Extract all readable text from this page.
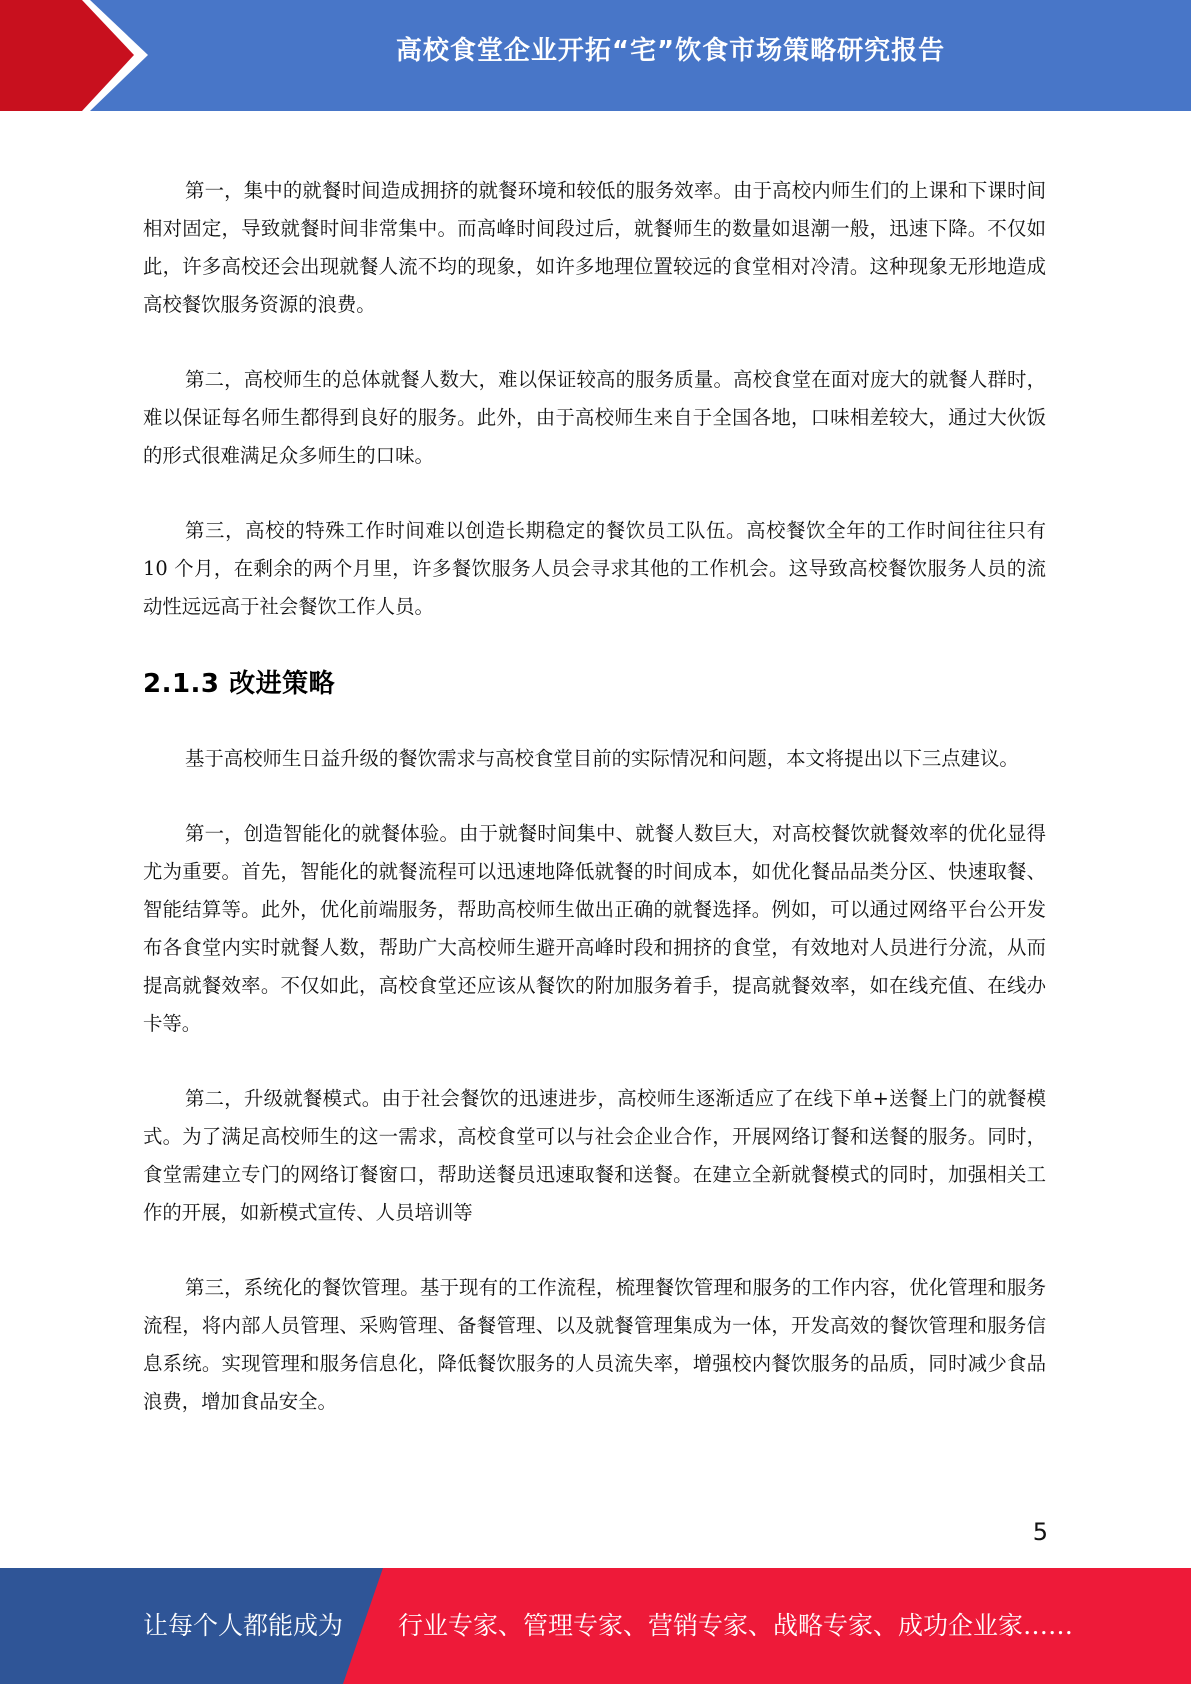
高校食堂企业开拓“宅”饮食市场策略研究报告

第一，集中的就餐时间造成拥挤的就餐环境和较低的服务效率。由于高校内师生们的上课和下课时间相对固定，导致就餐时间非常集中。而高峰时间段过后，就餐师生的数量如退潮一般，迅速下降。不仅如此，许多高校还会出现就餐人流不均的现象，如许多地理位置较远的食堂相对冷清。这种现象无形地造成高校餐饮服务资源的浪费。

第二，高校师生的总体就餐人数大，难以保证较高的服务质量。高校食堂在面对庞大的就餐人群时，难以保证每名师生都得到良好的服务。此外，由于高校师生来自于全国各地，口味相差较大，通过大伙饭的形式很难满足众多师生的口味。

第三，高校的特殊工作时间难以创造长期稳定的餐饮员工队伍。高校餐饮全年的工作时间往往只有 10 个月，在剩余的两个月里，许多餐饮服务人员会寻求其他的工作机会。这导致高校餐饮服务人员的流动性远远高于社会餐饮工作人员。

2.1.3 改进策略

基于高校师生日益升级的餐饮需求与高校食堂目前的实际情况和问题，本文将提出以下三点建议。

第一，创造智能化的就餐体验。由于就餐时间集中、就餐人数巨大，对高校餐饮就餐效率的优化显得尤为重要。首先，智能化的就餐流程可以迅速地降低就餐的时间成本，如优化餐品品类分区、快速取餐、智能结算等。此外，优化前端服务，帮助高校师生做出正确的就餐选择。例如，可以通过网络平台公开发布各食堂内实时就餐人数，帮助广大高校师生避开高峰时段和拥挤的食堂，有效地对人员进行分流，从而提高就餐效率。不仅如此，高校食堂还应该从餐饮的附加服务着手，提高就餐效率，如在线充值、在线办卡等。

第二，升级就餐模式。由于社会餐饮的迅速进步，高校师生逐渐适应了在线下单+送餐上门的就餐模式。为了满足高校师生的这一需求，高校食堂可以与社会企业合作，开展网络订餐和送餐的服务。同时，食堂需建立专门的网络订餐窗口，帮助送餐员迅速取餐和送餐。在建立全新就餐模式的同时，加强相关工作的开展，如新模式宣传、人员培训等

第三，系统化的餐饮管理。基于现有的工作流程，梳理餐饮管理和服务的工作内容，优化管理和服务流程，将内部人员管理、采购管理、备餐管理、以及就餐管理集成为一体，开发高效的餐饮管理和服务信息系统。实现管理和服务信息化，降低餐饮服务的人员流失率，增强校内餐饮服务的品质，同时减少食品浪费，增加食品安全。

5
让每个人都能成为 行业专家、管理专家、营销专家、战略专家、成功企业家……
